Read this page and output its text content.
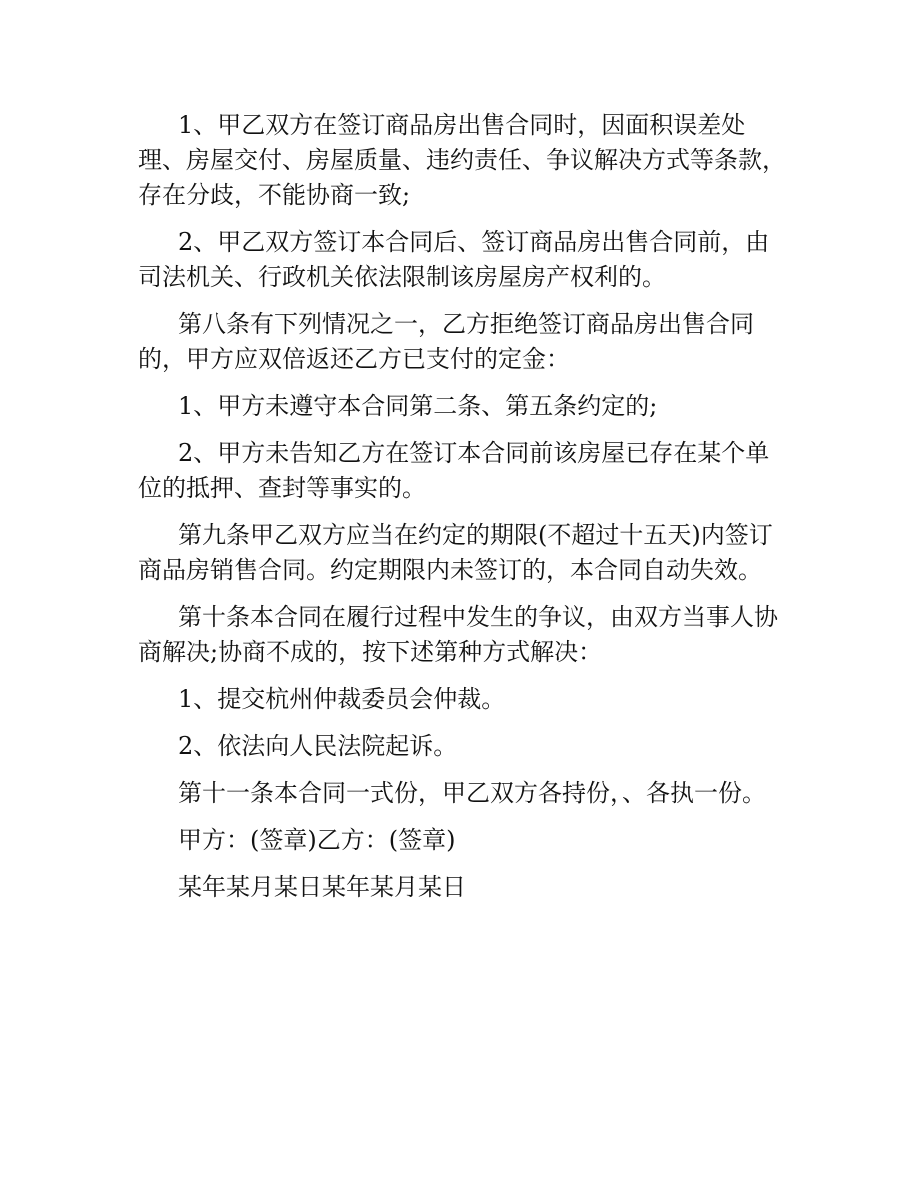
1、甲乙双方在签订商品房出售合同时，因面积误差处理、房屋交付、房屋质量、违约责任、争议解决方式等条款，存在分歧，不能协商一致;

2、甲乙双方签订本合同后、签订商品房出售合同前，由司法机关、行政机关依法限制该房屋房产权利的。

第八条有下列情况之一，乙方拒绝签订商品房出售合同的，甲方应双倍返还乙方已支付的定金：

1、甲方未遵守本合同第二条、第五条约定的;

2、甲方未告知乙方在签订本合同前该房屋已存在某个单位的抵押、查封等事实的。

第九条甲乙双方应当在约定的期限(不超过十五天)内签订商品房销售合同。约定期限内未签订的，本合同自动失效。

第十条本合同在履行过程中发生的争议，由双方当事人协商解决;协商不成的，按下述第种方式解决：

1、提交杭州仲裁委员会仲裁。

2、依法向人民法院起诉。

第十一条本合同一式份，甲乙双方各持份，、各执一份。

甲方：(签章)乙方：(签章)

某年某月某日某年某月某日
